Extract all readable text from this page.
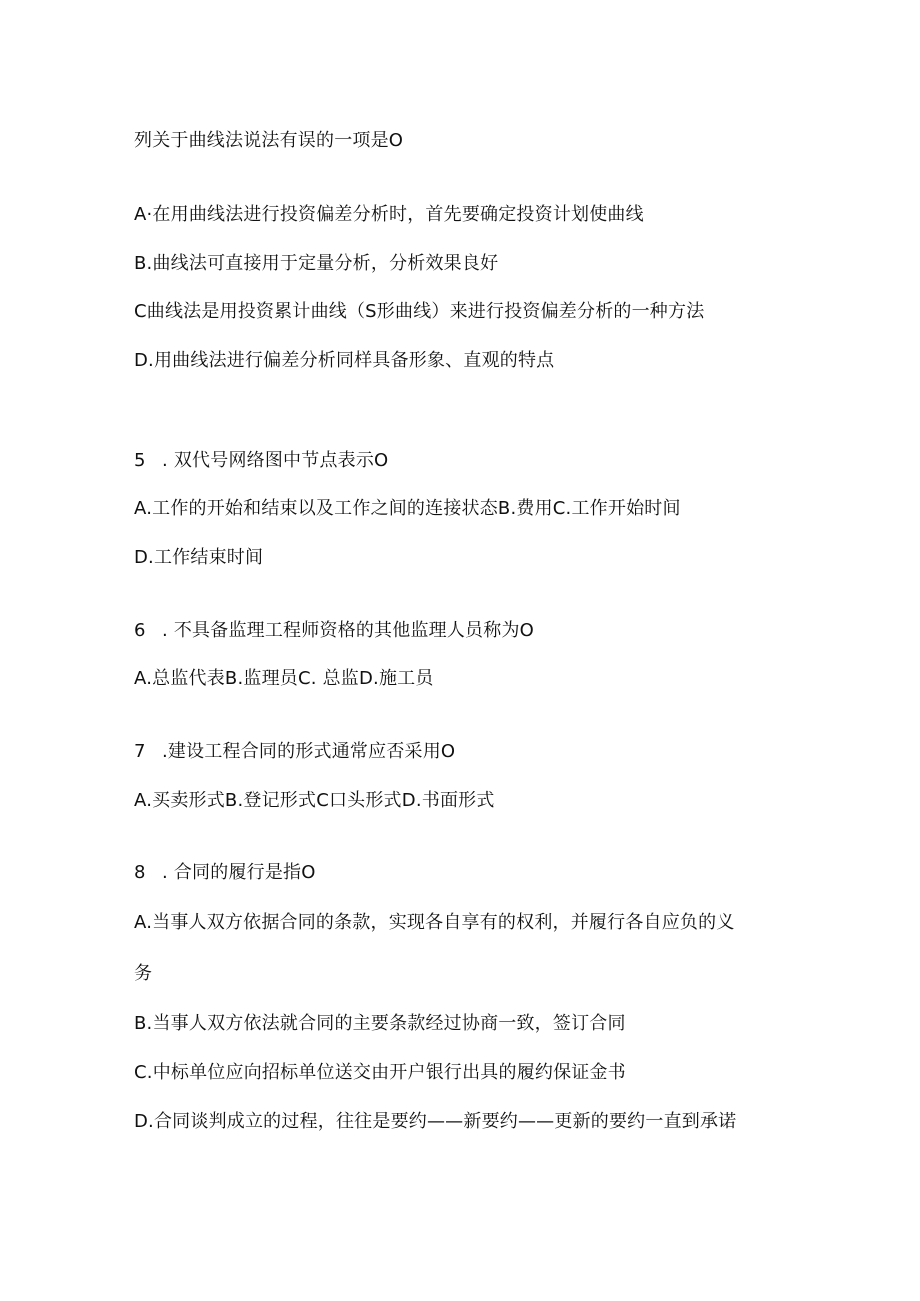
列关于曲线法说法有误的一项是O
A·在用曲线法进行投资偏差分析时，首先要确定投资计划使曲线
B.曲线法可直接用于定量分析，分析效果良好
C曲线法是用投资累计曲线（S形曲线）来进行投资偏差分析的一种方法
D.用曲线法进行偏差分析同样具备形象、直观的特点
5 . 双代号网络图中节点表示O
A.工作的开始和结束以及工作之间的连接状态B.费用C.工作开始时间
D.工作结束时间
6 . 不具备监理工程师资格的其他监理人员称为O
A.总监代表B.监理员C. 总监D.施工员
7 .建设工程合同的形式通常应否采用O
A.买卖形式B.登记形式C口头形式D.书面形式
8 . 合同的履行是指O
A.当事人双方依据合同的条款，实现各自享有的权利，并履行各自应负的义
务
B.当事人双方依法就合同的主要条款经过协商一致，签订合同
C.中标单位应向招标单位送交由开户银行出具的履约保证金书
D.合同谈判成立的过程，往往是要约——新要约——更新的要约一直到承诺
